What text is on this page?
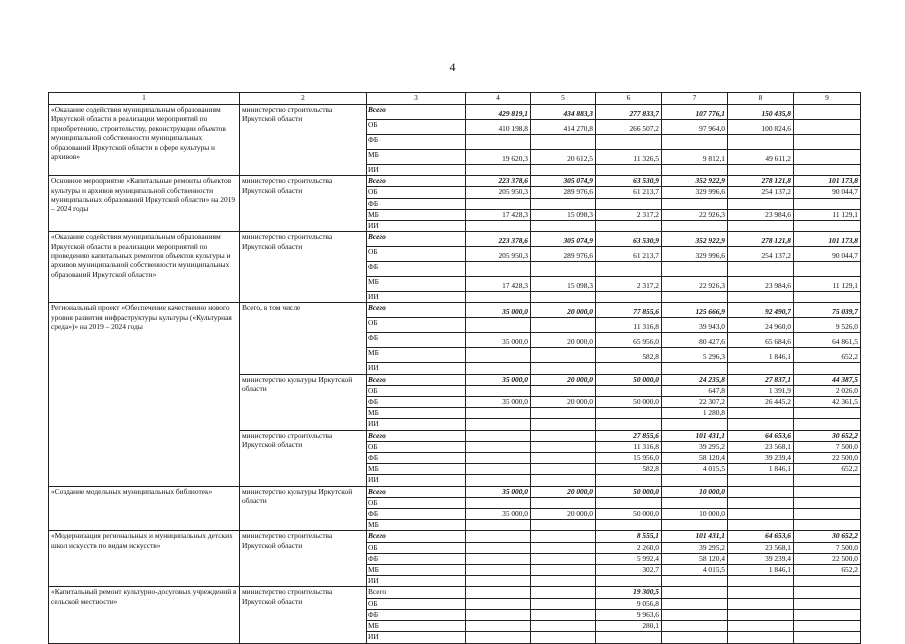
4
1	2	3	4	5	6	7	8	9
«Оказание содействия муниципальным образованиям Иркутской области в реализации мероприятий по приобретению, строительству, реконструкции объектов муниципальной собственности муниципальных образований Иркутской области в сфере культуры и архивов»	министерство строительства Иркутской области	Всего	429 819,1	434 883,3	277 833,7	107 776,1	150 435,8	
		ОБ	410 198,8	414 270,8	266 507,2	97 964,0	100 824,6	
		ФБ						
		МБ	19 620,3	20 612,5	11 326,5	9 812,1	49 611,2	
		ИИ						
Основное мероприятие «Капитальные ремонты объектов культуры и архивов муниципальной собственности муниципальных образований Иркутской области» на 2019 – 2024 годы	министерство строительства Иркутской области	Всего	223 378,6	305 074,9	63 530,9	352 922,9	278 121,8	101 173,8
		ОБ	205 950,3	289 976,6	61 213,7	329 996,6	254 137,2	90 044,7
		ФБ						
		МБ	17 428,3	15 098,3	2 317,2	22 926,3	23 984,6	11 129,1
		ИИ						
«Оказание содействия муниципальным образованиям Иркутской области в реализации мероприятий по проведению капитальных ремонтов объектов культуры и архивов муниципальной собственности муниципальных образований Иркутской области»	министерство строительства Иркутской области	Всего	223 378,6	305 074,9	63 530,9	352 922,9	278 121,8	101 173,8
		ОБ	205 950,3	289 976,6	61 213,7	329 996,6	254 137,2	90 044,7
		ФБ						
		МБ	17 428,3	15 098,3	2 317,2	22 926,3	23 984,6	11 129,1
		ИИ						
Региональный проект «Обеспечение качественно нового уровня развития инфраструктуры культуры («Культурная среда»)» на 2019 – 2024 годы	Всего, в том числе	Всего	35 000,0	20 000,0	77 855,6	125 666,9	92 490,7	75 039,7
		ОБ			11 316,8	39 943,0	24 960,0	9 526,0
		ФБ	35 000,0	20 000,0	65 956,0	80 427,6	65 684,6	64 861,5
		МБ			582,8	5 296,3	1 846,1	652,2
		ИИ						
	министерство культуры Иркутской области	Всего	35 000,0	20 000,0	50 000,0	24 235,8	27 837,1	44 387,5
		ОБ				647,8	1 391,9	2 026,0
		ФБ	35 000,0	20 000,0	50 000,0	22 307,2	26 445,2	42 361,5
		МБ				1 280,8		
		ИИ						
	министерство строительства Иркутской области	Всего			27 855,6	101 431,1	64 653,6	30 652,2
		ОБ			11 316,8	39 295,2	23 568,1	7 500,0
		ФБ			15 956,0	58 120,4	39 239,4	22 500,0
		МБ			582,8	4 015,5	1 846,1	652,2
		ИИ						
«Создание модельных муниципальных библиотек»	министерство культуры Иркутской области	Всего	35 000,0	20 000,0	50 000,0	10 000,0		
		ОБ						
		ФБ	35 000,0	20 000,0	50 000,0	10 000,0		
		МБ						
«Модернизация региональных и муниципальных детских школ искусств по видам искусств»	министерство строительства Иркутской области	Всего			8 555,1	101 431,1	64 653,6	30 652,2
		ОБ			2 260,0	39 295,2	23 568,1	7 500,0
		ФБ			5 992,4	58 120,4	39 239,4	22 500,0
		МБ			302,7	4 015,5	1 846,1	652,2
		ИИ						
«Капитальный ремонт культурно-досуговых учреждений в сельской местности»	министерство строительства Иркутской области	Всего			19 300,5			
		ОБ			9 056,8			
		ФБ			9 963,6			
		МБ			280,1			
		ИИ						
